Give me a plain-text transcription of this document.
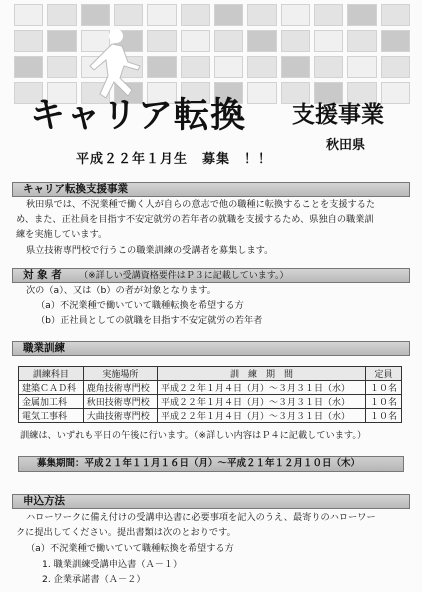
キャリア転換 支援事業
秋田県
平成２２年１月生　募集　！！
キャリア転換支援事業
秋田県では、不況業種で働く人が自らの意志で他の職種に転換することを支援するた
め、また、正社員を目指す不安定就労の若年者の就職を支援するため、県独自の職業訓
練を実施しています。
県立技術専門校で行うこの職業訓練の受講者を募集します。
対 象 者 （※詳しい受講資格要件はＰ３に記載しています。）
次の（a）、又は（b）の者が対象となります。
（a）不況業種で働いていて職種転換を希望する方
（b）正社員としての就職を目指す不安定就労の若年者
職業訓練
訓練科目	実施場所	訓　練　期　間	定員
建築ＣＡＤ科	鹿角技術専門校	平成２２年１月４日（月）～３月３１日（水）	１０名
金属加工科	秋田技術専門校	平成２２年１月４日（月）～３月３１日（水）	１０名
電気工事科	大曲技術専門校	平成２２年１月４日（月）～３月３１日（水）	１０名
訓練は、いずれも平日の午後に行います。（※詳しい内容はＰ４に記載しています。）
募集期間：平成２１年１１月１６日（月）～平成２１年１２月１０日（木）
申込方法
ハローワークに備え付けの受講申込書に必要事項を記入のうえ、最寄りのハローワー
クに提出してください。提出書類は次のとおりです。
（a）不況業種で働いていて職種転換を希望する方
1. 職業訓練受講申込書（Ａ－１）
2. 企業承諾書（Ａ－２）
